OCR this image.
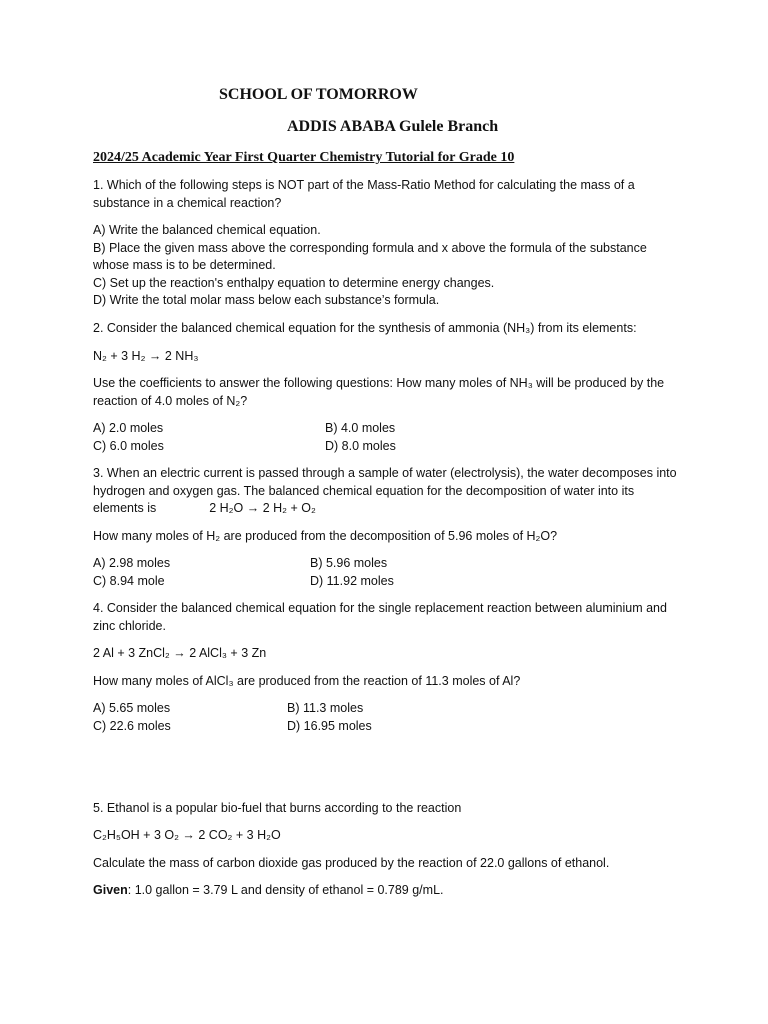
SCHOOL OF TOMORROW
ADDIS ABABA Gulele Branch
2024/25 Academic Year First Quarter Chemistry Tutorial for Grade 10

1. Which of the following steps is NOT part of the Mass-Ratio Method for calculating the mass of a substance in a chemical reaction?

A) Write the balanced chemical equation.

B) Place the given mass above the corresponding formula and x above the formula of the substance whose mass is to be determined.

C) Set up the reaction's enthalpy equation to determine energy changes.

D) Write the total molar mass below each substance’s formula.

2. Consider the balanced chemical equation for the synthesis of ammonia (NH₃) from its elements:
N₂ + 3 H₂ → 2 NH₃
Use the coefficients to answer the following questions: How many moles of NH₃ will be produced by the reaction of 4.0 moles of N₂?
A) 2.0 moles	B) 4.0 moles
C) 6.0 moles	D) 8.0 moles
3. When an electric current is passed through a sample of water (electrolysis), the water decomposes into hydrogen and oxygen gas. The balanced chemical equation for the decomposition of water into its elements is	2 H₂O → 2 H₂ + O₂
How many moles of H₂ are produced from the decomposition of 5.96 moles of H₂O?
A) 2.98 moles	B) 5.96 moles
C) 8.94 mole	D) 11.92 moles
4. Consider the balanced chemical equation for the single replacement reaction between aluminium and zinc chloride.
2 Al + 3 ZnCl₂ → 2 AlCl₃ + 3 Zn
How many moles of AlCl₃ are produced from the reaction of 11.3 moles of Al?
A) 5.65 moles	B) 11.3 moles
C) 22.6 moles	D) 16.95 moles
5. Ethanol is a popular bio-fuel that burns according to the reaction
C₂H₅OH + 3 O₂ → 2 CO₂ + 3 H₂O
Calculate the mass of carbon dioxide gas produced by the reaction of 22.0 gallons of ethanol.
Given: 1.0 gallon = 3.79 L and density of ethanol = 0.789 g/mL.
